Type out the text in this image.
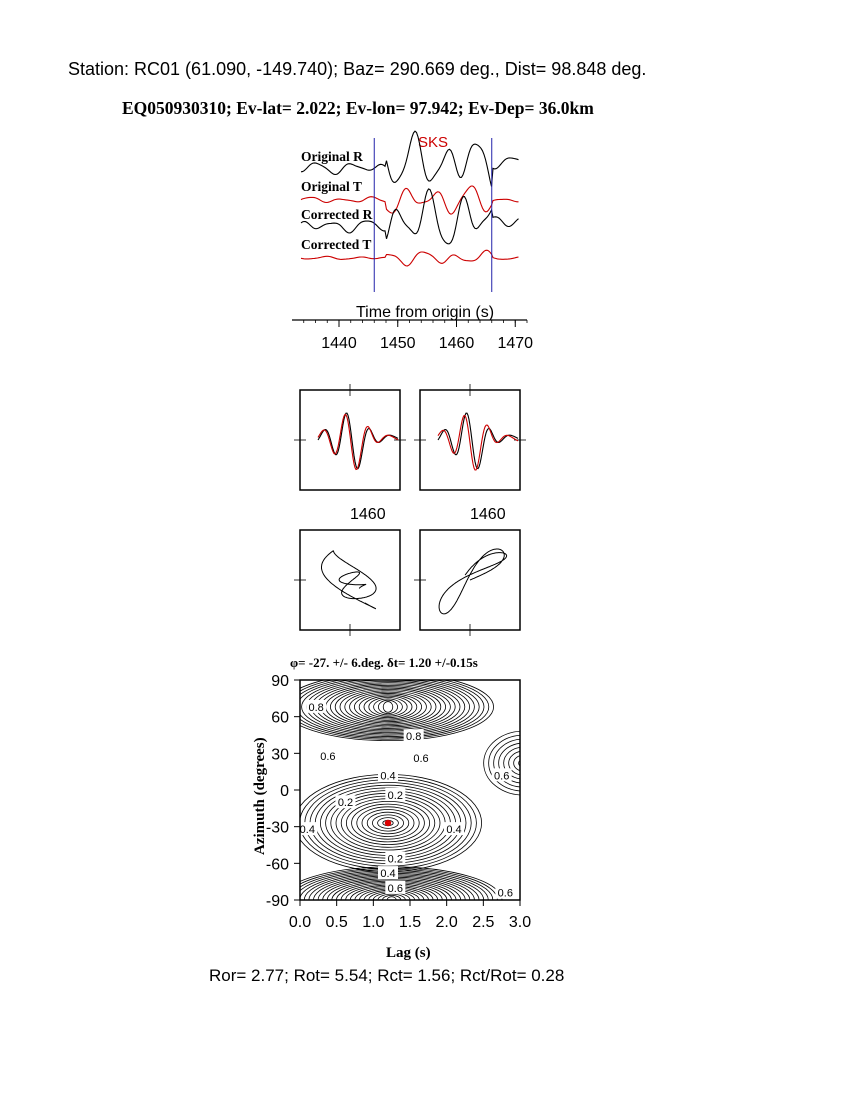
Station: RC01 (61.090, -149.740); Baz= 290.669 deg., Dist= 98.848 deg.
EQ050930310; Ev-lat= 2.022; Ev-lon= 97.942; Ev-Dep= 36.0km
SKS
Original R
Original T
Corrected R
Corrected T
Time from origin (s)
1440 1450 1460 1470
1460	1460
φ= -27. +/- 6.deg. δt= 1.20 +/-0.15s
0.8
0.8
0.6
0.6
0.6
0.4
0.2
0.2
0.4	0.4
0.2
0.4
0.6	0.6
0.0 0.5 1.0 1.5 2.0 2.5 3.0
90
60
30
0
-30
-60
-90
Lag (s)
Azimuth (degrees)
Ror= 2.77; Rot= 5.54; Rct= 1.56; Rct/Rot= 0.28
